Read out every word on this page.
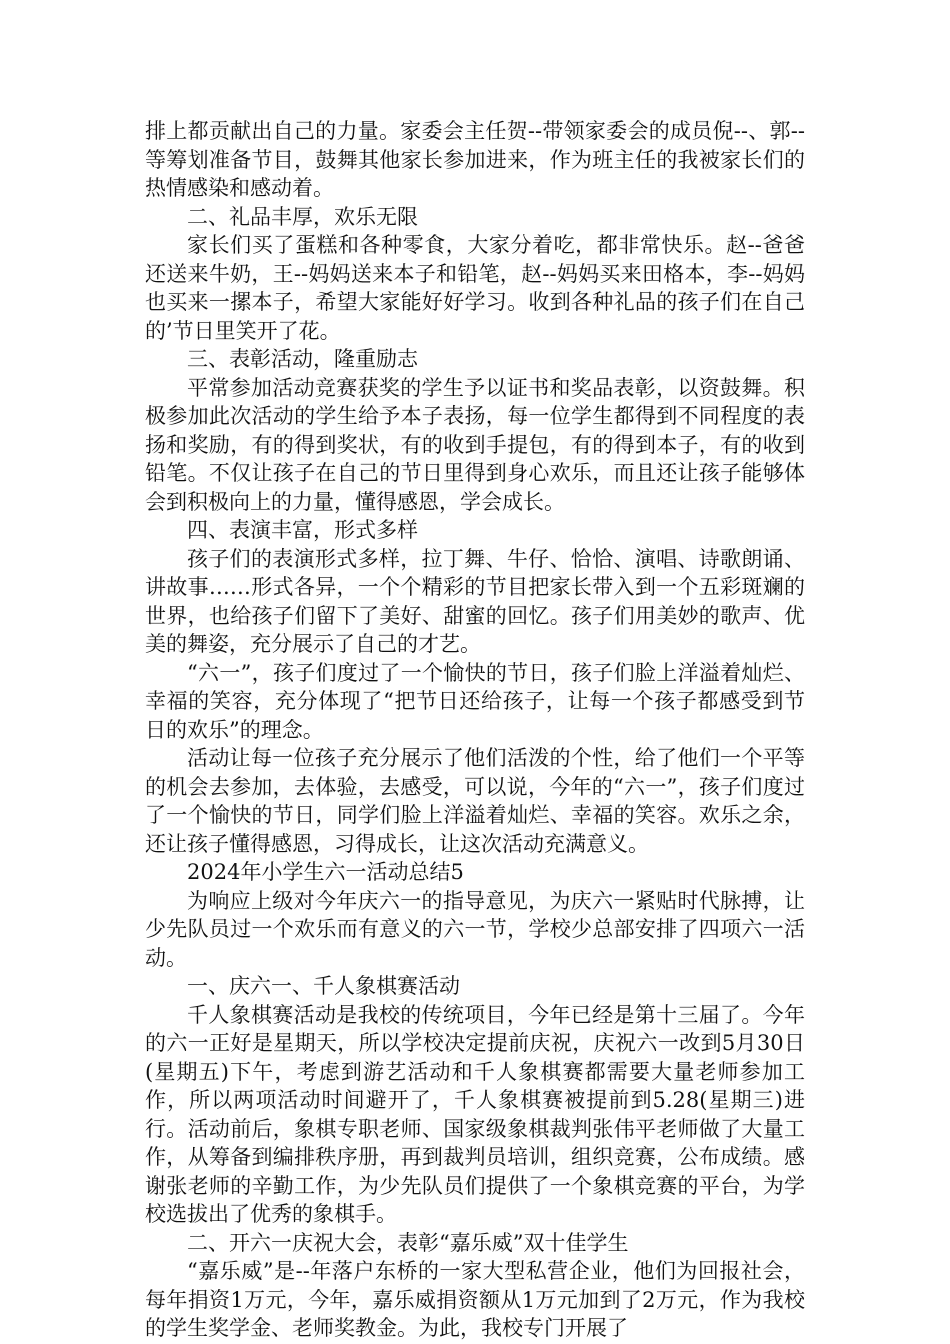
排上都贡献出自己的力量。家委会主任贺--带领家委会的成员倪--、郭--等筹划准备节目，鼓舞其他家长参加进来，作为班主任的我被家长们的热情感染和感动着。

二、礼品丰厚，欢乐无限

家长们买了蛋糕和各种零食，大家分着吃，都非常快乐。赵--爸爸还送来牛奶，王--妈妈送来本子和铅笔，赵--妈妈买来田格本，李--妈妈也买来一摞本子，希望大家能好好学习。收到各种礼品的孩子们在自己的’节日里笑开了花。

三、表彰活动，隆重励志

平常参加活动竞赛获奖的学生予以证书和奖品表彰，以资鼓舞。积极参加此次活动的学生给予本子表扬，每一位学生都得到不同程度的表扬和奖励，有的得到奖状，有的收到手提包，有的得到本子，有的收到铅笔。不仅让孩子在自己的节日里得到身心欢乐，而且还让孩子能够体会到积极向上的力量，懂得感恩，学会成长。

四、表演丰富，形式多样

孩子们的表演形式多样，拉丁舞、牛仔、恰恰、演唱、诗歌朗诵、讲故事……形式各异，一个个精彩的节目把家长带入到一个五彩斑斓的世界，也给孩子们留下了美好、甜蜜的回忆。孩子们用美妙的歌声、优美的舞姿，充分展示了自己的才艺。

“六一”，孩子们度过了一个愉快的节日，孩子们脸上洋溢着灿烂、幸福的笑容，充分体现了“把节日还给孩子，让每一个孩子都感受到节日的欢乐”的理念。

活动让每一位孩子充分展示了他们活泼的个性，给了他们一个平等的机会去参加，去体验，去感受，可以说，今年的“六一”，孩子们度过了一个愉快的节日，同学们脸上洋溢着灿烂、幸福的笑容。欢乐之余，还让孩子懂得感恩，习得成长，让这次活动充满意义。

2024年小学生六一活动总结5

为响应上级对今年庆六一的指导意见，为庆六一紧贴时代脉搏，让少先队员过一个欢乐而有意义的六一节，学校少总部安排了四项六一活动。

一、庆六一、千人象棋赛活动

千人象棋赛活动是我校的传统项目，今年已经是第十三届了。今年的六一正好是星期天，所以学校决定提前庆祝，庆祝六一改到5月30日(星期五)下午，考虑到游艺活动和千人象棋赛都需要大量老师参加工作，所以两项活动时间避开了，千人象棋赛被提前到5.28(星期三)进行。活动前后，象棋专职老师、国家级象棋裁判张伟平老师做了大量工作，从筹备到编排秩序册，再到裁判员培训，组织竞赛，公布成绩。感谢张老师的辛勤工作，为少先队员们提供了一个象棋竞赛的平台，为学校选拔出了优秀的象棋手。

二、开六一庆祝大会，表彰“嘉乐威”双十佳学生

“嘉乐威”是--年落户东桥的一家大型私营企业，他们为回报社会，每年捐资1万元，今年，嘉乐威捐资额从1万元加到了2万元，作为我校的学生奖学金、老师奖教金。为此，我校专门开展了
